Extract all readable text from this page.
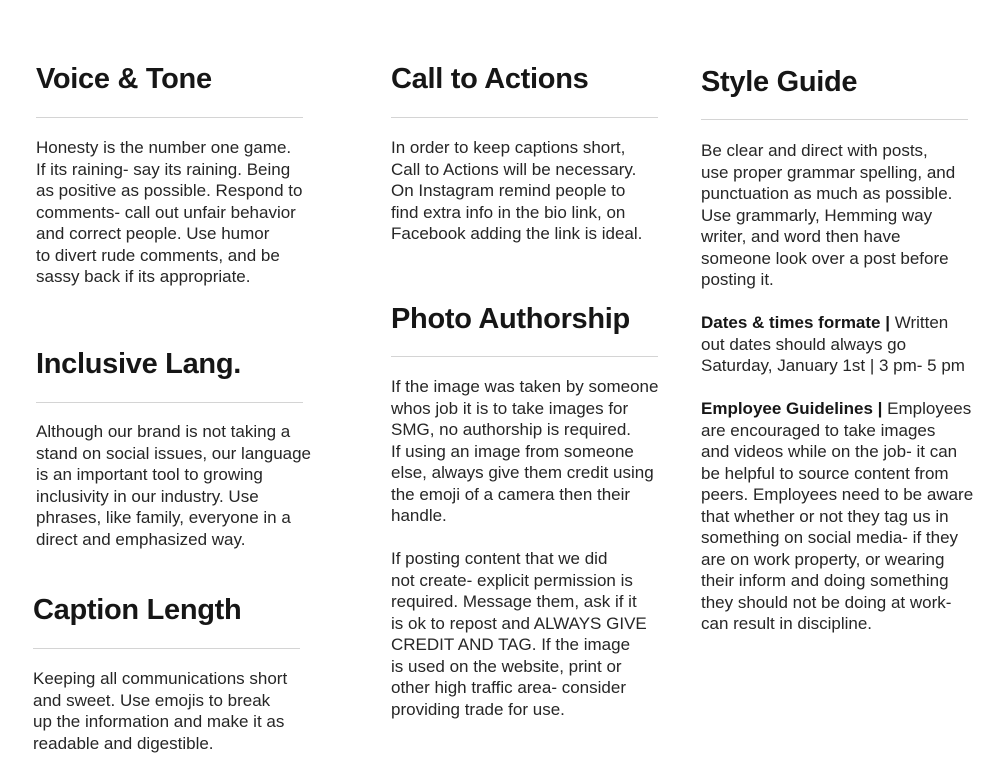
Voice & Tone

Honesty is the number one game.
If its raining- say its raining. Being
as positive as possible. Respond to
comments- call out unfair behavior
and correct people. Use humor
to divert rude comments, and be
sassy back if its appropriate.

Inclusive Lang.

Although our brand is not taking a
stand on social issues, our language
is an important tool to growing
inclusivity in our industry. Use
phrases, like family, everyone in a
direct and emphasized way.

Caption Length

Keeping all communications short
and sweet. Use emojis to break
up the information and make it as
readable and digestible.

Call to Actions

In order to keep captions short,
Call to Actions will be necessary.
On Instagram remind people to
find extra info in the bio link, on
Facebook adding the link is ideal.

Photo Authorship

If the image was taken by someone
whos job it is to take images for
SMG, no authorship is required.
If using an image from someone
else, always give them credit using
the emoji of a camera then their
handle.

If posting content that we did
not create- explicit permission is
required. Message them, ask if it
is ok to repost and ALWAYS GIVE
CREDIT AND TAG. If the image
is used on the website, print or
other high traffic area- consider
providing trade for use.

Style Guide

Be clear and direct with posts,
use proper grammar spelling, and
punctuation as much as possible.
Use grammarly, Hemming way
writer, and word then have
someone look over a post before
posting it.

Dates & times formate | Written
out dates should always go
Saturday, January 1st | 3 pm- 5 pm

Employee Guidelines | Employees
are encouraged to take images
and videos while on the job- it can
be helpful to source content from
peers. Employees need to be aware
that whether or not they tag us in
something on social media- if they
are on work property, or wearing
their inform and doing something
they should not be doing at work-
can result in discipline.
